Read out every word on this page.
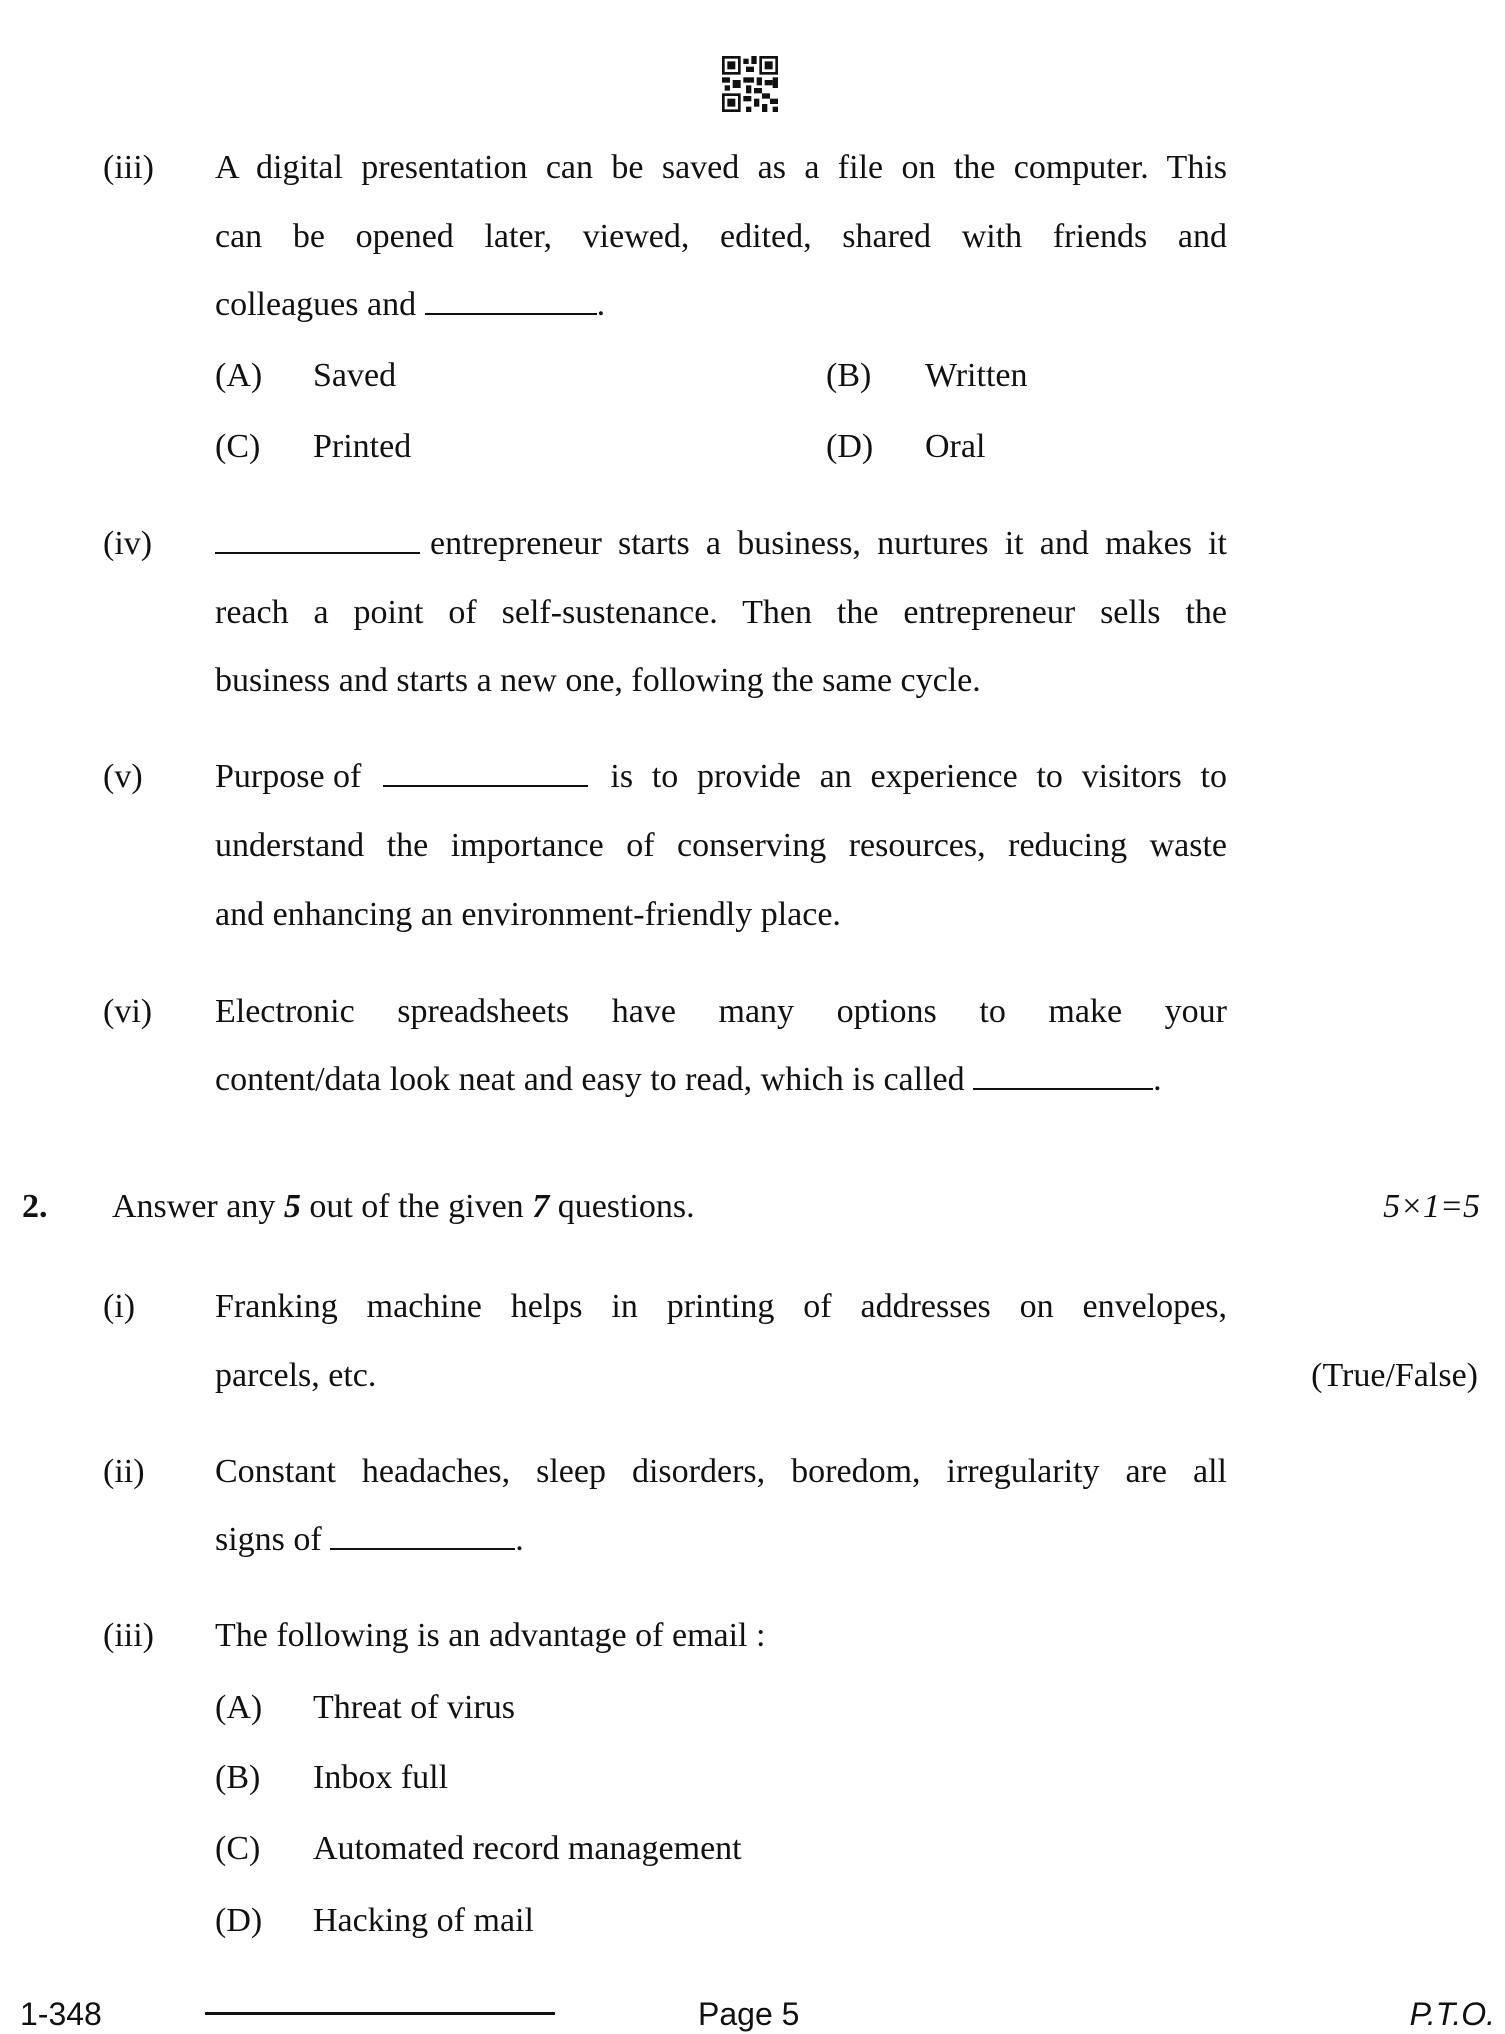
(iii) A digital presentation can be saved as a file on the computer. This
can be opened later, viewed, edited, shared with friends and
colleagues and	.
(A) Saved	(B) Written
(C) Printed	(D) Oral
(iv)	entrepreneur starts a business, nurtures it and makes it
reach a point of self-sustenance. Then the entrepreneur sells the
business and starts a new one, following the same cycle.
(v) Purpose of	is to provide an experience to visitors to
understand the importance of conserving resources, reducing waste
and enhancing an environment-friendly place.
(vi) Electronic spreadsheets have many options to make your
content/data look neat and easy to read, which is called	.
2. Answer any 5 out of the given 7 questions.	5×1=5
(i) Franking machine helps in printing of addresses on envelopes,
parcels, etc.	(True/False)
(ii) Constant headaches, sleep disorders, boredom, irregularity are all
signs of	.
(iii) The following is an advantage of email :
(A) Threat of virus
(B) Inbox full
(C) Automated record management
(D) Hacking of mail
1-348	Page 5	P.T.O.
